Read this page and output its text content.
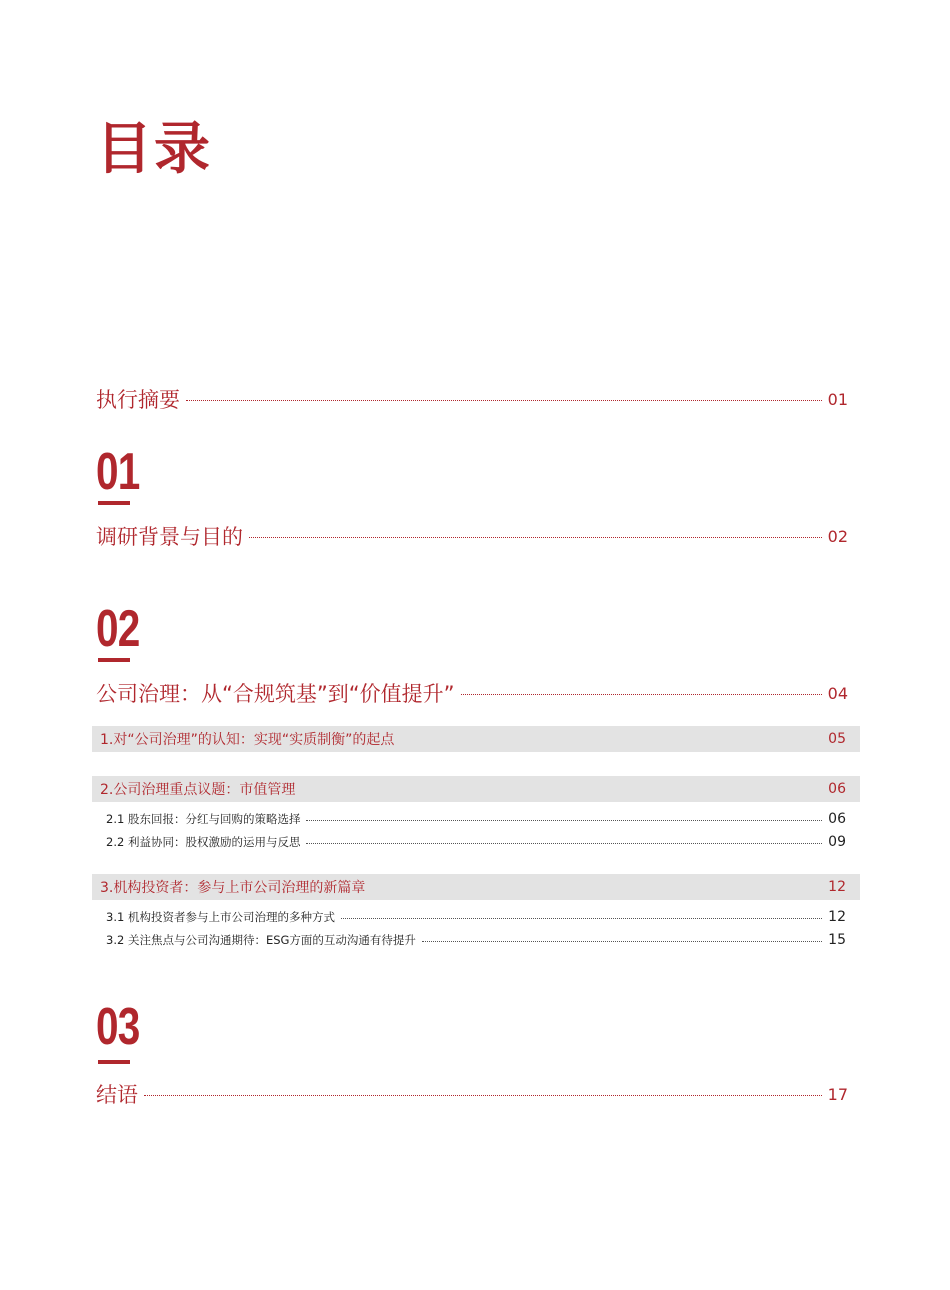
目录
执行摘要	01
01
调研背景与目的	02
02
公司治理：从“合规筑基”到“价值提升”	04
1.对“公司治理”的认知：实现“实质制衡”的起点	05
2.公司治理重点议题：市值管理	06
2.1 股东回报：分红与回购的策略选择	06
2.2 利益协同：股权激励的运用与反思	09
3.机构投资者：参与上市公司治理的新篇章	12
3.1 机构投资者参与上市公司治理的多种方式	12
3.2 关注焦点与公司沟通期待：ESG方面的互动沟通有待提升	15
03
结语	17
